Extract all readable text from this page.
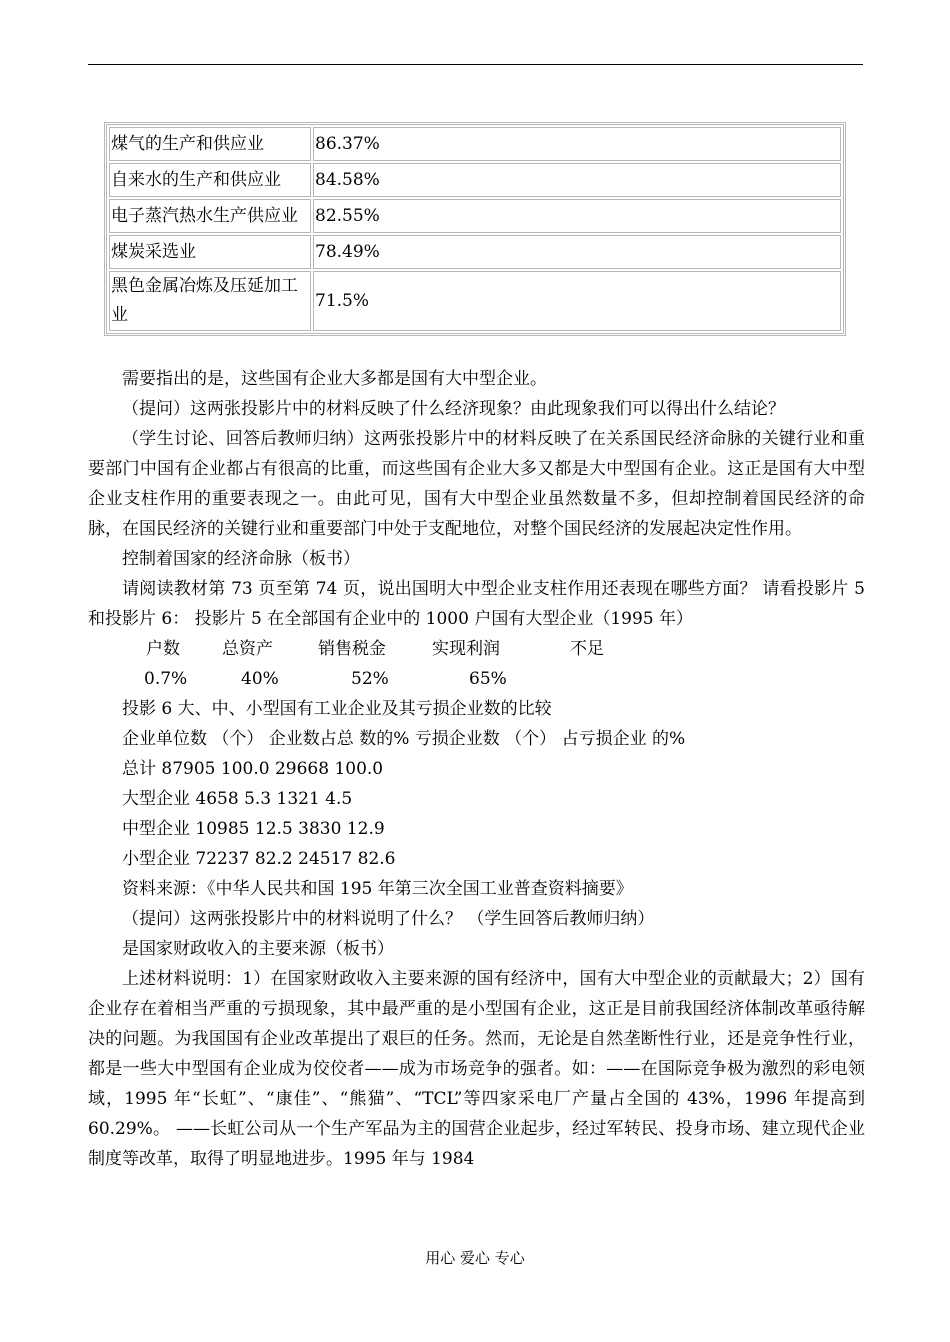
煤气的生产和供应业	86.37%
自来水的生产和供应业	84.58%
电子蒸汽热水生产供应业	82.55%
煤炭采选业	78.49%
黑色金属冶炼及压延加工业	71.5%

需要指出的是，这些国有企业大多都是国有大中型企业。

（提问）这两张投影片中的材料反映了什么经济现象？由此现象我们可以得出什么结论？

（学生讨论、回答后教师归纳）这两张投影片中的材料反映了在关系国民经济命脉的关键行业和重要部门中国有企业都占有很高的比重，而这些国有企业大多又都是大中型国有企业。这正是国有大中型企业支柱作用的重要表现之一。由此可见，国有大中型企业虽然数量不多，但却控制着国民经济的命脉，在国民经济的关键行业和重要部门中处于支配地位，对整个国民经济的发展起决定性作用。

控制着国家的经济命脉（板书）

请阅读教材第 73 页至第 74 页，说出国明大中型企业支柱作用还表现在哪些方面？ 请看投影片 5 和投影片 6： 投影片 5 在全部国有企业中的 1000 户国有大型企业（1995 年）

户数 总资产	销售税金	实现利润	不足
0.7%	40%	52%	65%

投影 6 大、中、小型国有工业企业及其亏损企业数的比较

企业单位数 （个） 企业数占总 数的% 亏损企业数 （个） 占亏损企业 的%

总计 87905 100.0 29668 100.0

大型企业 4658 5.3 1321 4.5

中型企业 10985 12.5 3830 12.9

小型企业 72237 82.2 24517 82.6

资料来源：《中华人民共和国 195 年第三次全国工业普查资料摘要》

（提问）这两张投影片中的材料说明了什么？ （学生回答后教师归纳）

是国家财政收入的主要来源（板书）

上述材料说明：1）在国家财政收入主要来源的国有经济中，国有大中型企业的贡献最大；2）国有企业存在着相当严重的亏损现象，其中最严重的是小型国有企业，这正是目前我国经济体制改革亟待解决的问题。为我国国有企业改革提出了艰巨的任务。然而，无论是自然垄断性行业，还是竞争性行业，都是一些大中型国有企业成为佼佼者——成为市场竞争的强者。如：——在国际竞争极为激烈的彩电领域，1995 年“长虹”、“康佳”、“熊猫”、“TCL”等四家采电厂产量占全国的 43%，1996 年提高到 60.29%。 ——长虹公司从一个生产军品为主的国营企业起步，经过军转民、投身市场、建立现代企业制度等改革，取得了明显地进步。1995 年与 1984

用心 爱心 专心
